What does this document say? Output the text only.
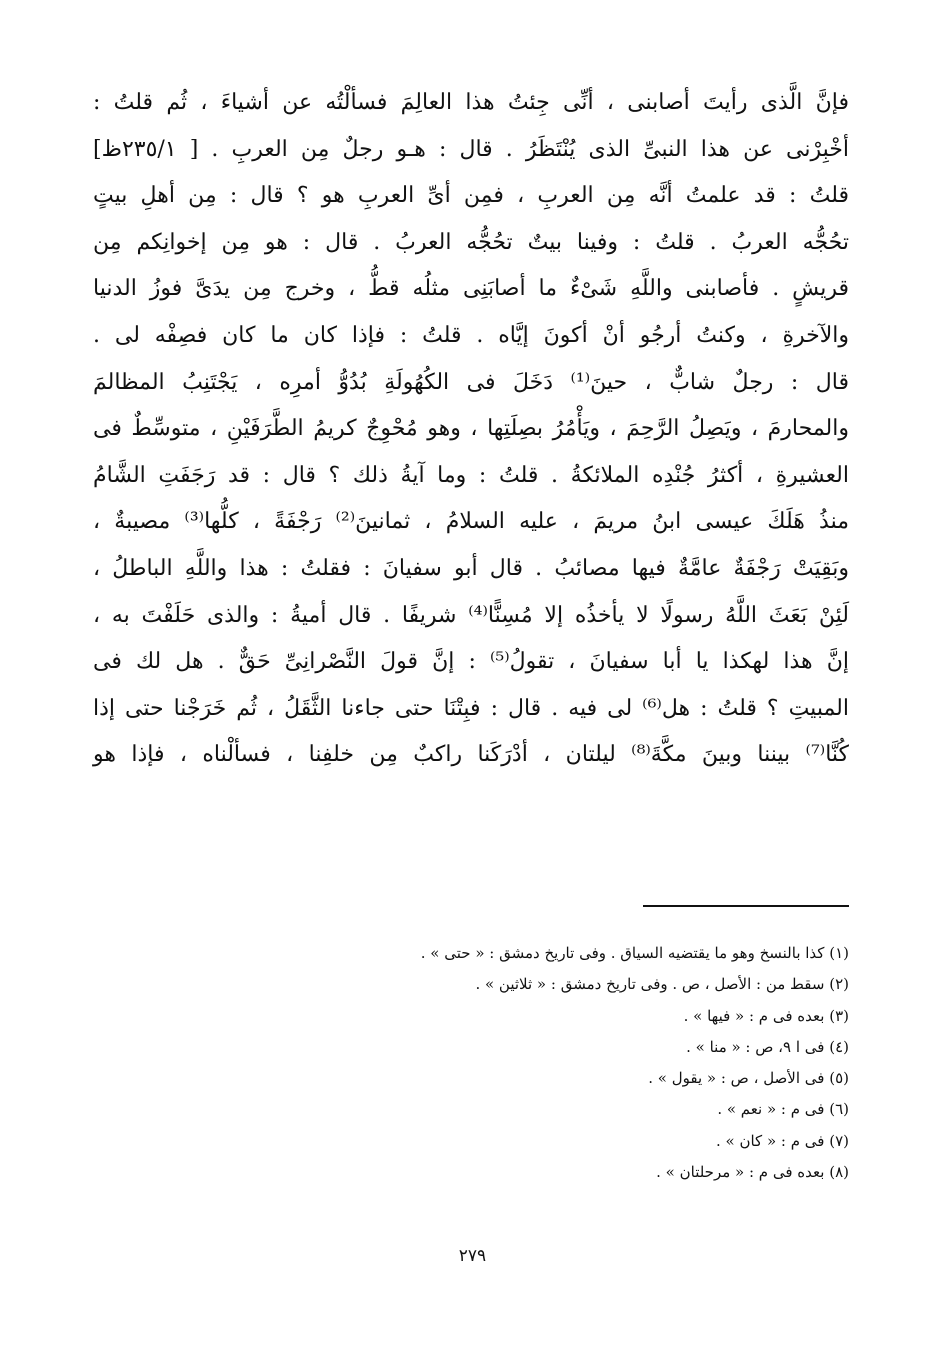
فإنَّ الَّذى رأيتَ أصابنى ، أنِّى جِئتُ هذا العالِمَ فسألْتُه عن أشياءَ ، ثُم قلتُ :
أخْبِرْنى عن هذا النبىِّ الذى يُنْتَظَرُ . قال : هـو رجلٌ مِن العربِ . [ ٢٣٥/١ظ]
قلتُ : قد علمتُ أنَّه مِن العربِ ، فمِن أىِّ العربِ هو ؟ قال : مِن أهلِ بيتٍ
تحُجُّه العربُ . قلتُ : وفينا بيتٌ تحُجُّه العربُ . قال : هو مِن إخوانِكم مِن
قريشٍ . فأصابنى واللَّهِ شَىْءٌ ما أصابَنِى مثلُه قطُّ ، وخرج مِن يدَىَّ فوزُ الدنيا
والآخرةِ ، وكنتُ أرجُو أنْ أكونَ إيَّاه . قلتُ : فإذا كان ما كان فصِفْه لى .
قال : رجلٌ شابٌّ ، حينَ⁽¹⁾ دَخَلَ فى الكُهُولَةِ بُدُوُّ أمرِه ، يَجْتَنِبُ المظالمَ
والمحارمَ ، ويَصِلُ الرَّحِمَ ، ويَأْمُرُ بصِلَتِها ، وهو مُحْوِجٌ كريمُ الطَّرَفَيْنِ ، متوسِّطٌ فى
العشيرةِ ، أكثرُ جُنْدِه الملائكةُ . قلتُ : وما آيةُ ذلك ؟ قال : قد رَجَفَتِ الشَّامُ
منذُ هَلَكَ عيسى ابنُ مريمَ ، عليه السلامُ ، ثمانينَ⁽²⁾ رَجْفَةً ، كلُّها⁽³⁾ مصيبةٌ ،
وبَقِيَتْ رَجْفَةٌ عامَّةٌ فيها مصائبُ . قال أبو سفيانَ : فقلتُ : هذا واللَّهِ الباطلُ ،
لَئِنْ بَعَثَ اللَّهُ رسولًا لا يأخذُه إلا مُسِنًّا⁽⁴⁾ شريفًا . قال أميةُ : والذى حَلَفْتَ به ،
إنَّ هذا لهكذا يا أبا سفيانَ ، تقولُ⁽⁵⁾ : إنَّ قولَ النَّصْرانِىِّ حَقٌّ . هل لك فى
المبيتِ ؟ قلتُ : هل⁽⁶⁾ لى فيه . قال : فبِتْنَا حتى جاءنا الثَّقَلُ ، ثُم خَرَجْنا حتى إذا
كُنَّا⁽⁷⁾ بيننا وبينَ مكَّةَ⁽⁸⁾ ليلتان ، أدْرَكَنا راكبٌ مِن خلفِنا ، فسألْناه ، فإذا هو
(١) كذا بالنسخ وهو ما يقتضيه السياق . وفى تاريخ دمشق : « حتى » .
(٢) سقط من : الأصل ، ص . وفى تاريخ دمشق : « ثلاثين » .
(٣) بعده فى م : « فيها » .
(٤) فى ا ٩، ص : « منا » .
(٥) فى الأصل ، ص : « يقول » .
(٦) فى م : « نعم » .
(٧) فى م : « كان » .
(٨) بعده فى م : « مرحلتان » .
٢٧٩
